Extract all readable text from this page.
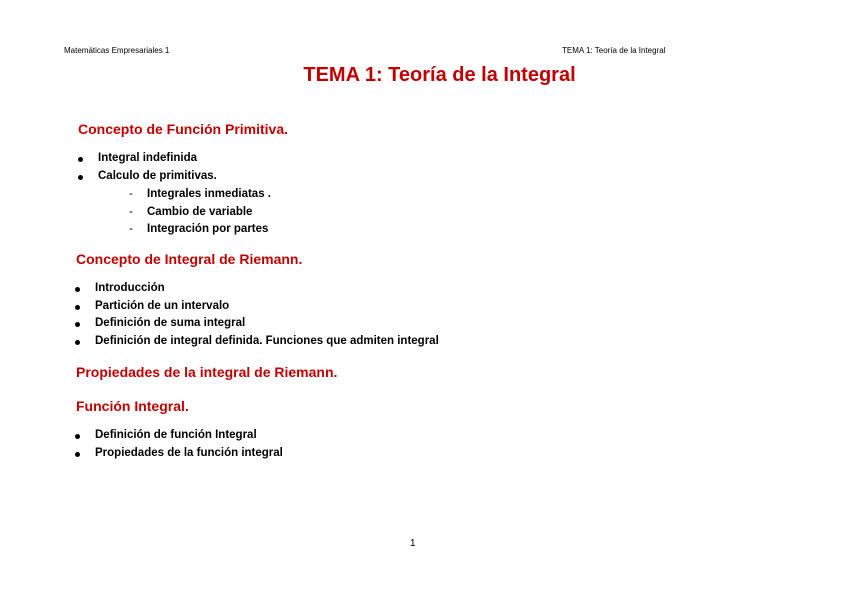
Matemáticas Empresariales 1	TEMA 1: Teoría de la Integral
TEMA 1: Teoría de la Integral
Concepto de Función Primitiva.
Integral indefinida
Calculo de primitivas.
- Integrales inmediatas .
- Cambio de variable
- Integración por partes
Concepto de Integral de Riemann.
Introducción
Partición de un intervalo
Definición de suma integral
Definición de integral definida. Funciones que admiten integral
Propiedades de la integral de Riemann.
Función Integral.
Definición de función Integral
Propiedades de la función integral
1
